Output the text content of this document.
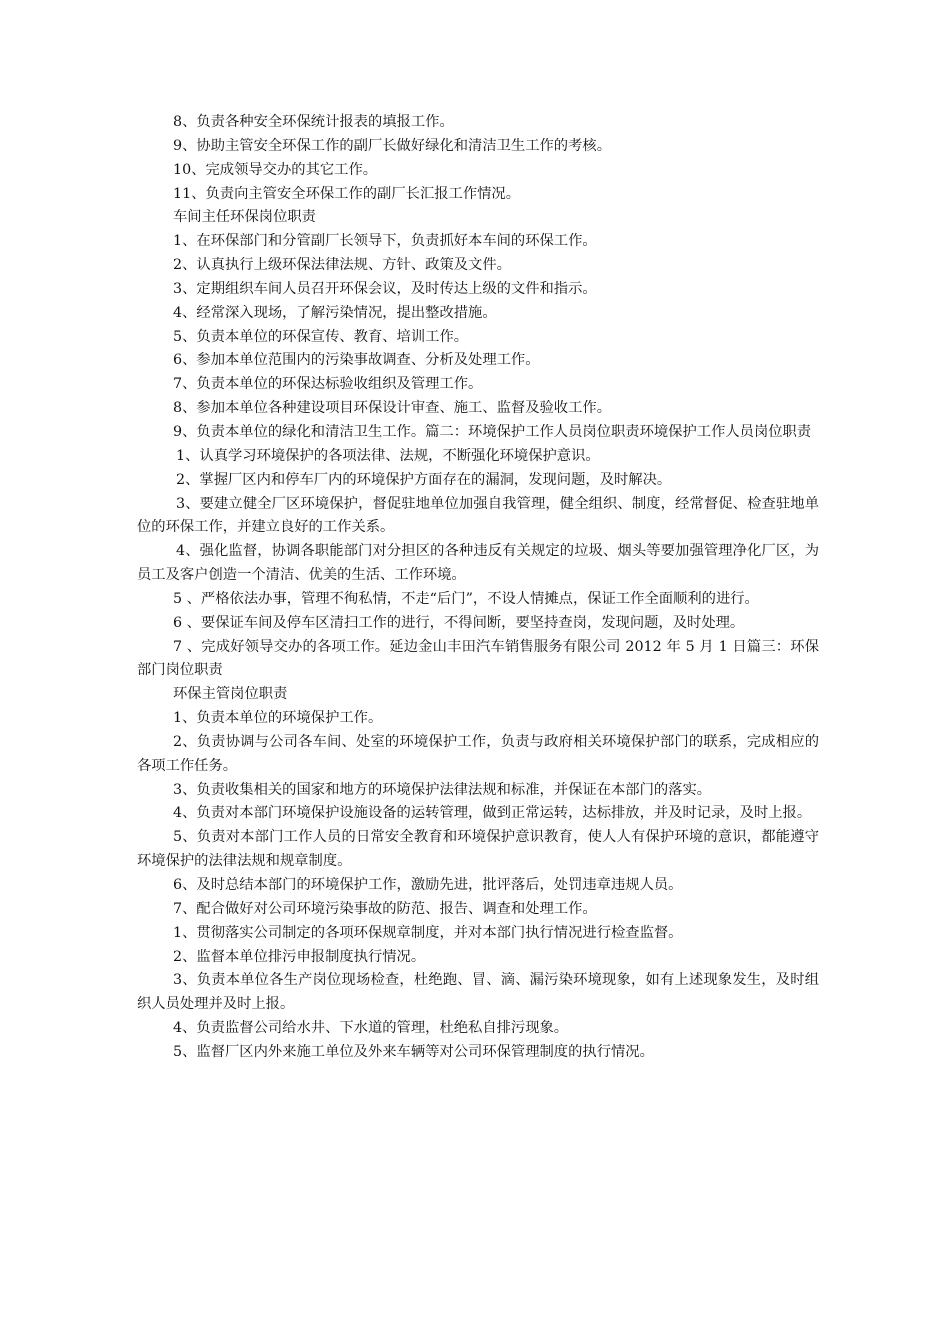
8、负责各种安全环保统计报表的填报工作。

9、协助主管安全环保工作的副厂长做好绿化和清洁卫生工作的考核。

10、完成领导交办的其它工作。

11、负责向主管安全环保工作的副厂长汇报工作情况。

车间主任环保岗位职责

1、在环保部门和分管副厂长领导下，负责抓好本车间的环保工作。

2、认真执行上级环保法律法规、方针、政策及文件。

3、定期组织车间人员召开环保会议，及时传达上级的文件和指示。

4、经常深入现场，了解污染情况，提出整改措施。

5、负责本单位的环保宣传、教育、培训工作。

6、参加本单位范围内的污染事故调查、分析及处理工作。

7、负责本单位的环保达标验收组织及管理工作。

8、参加本单位各种建设项目环保设计审查、施工、监督及验收工作。

9、负责本单位的绿化和清洁卫生工作。篇二：环境保护工作人员岗位职责环境保护工作人员岗位职责

1、认真学习环境保护的各项法律、法规，不断强化环境保护意识。

2、掌握厂区内和停车厂内的环境保护方面存在的漏洞，发现问题，及时解决。

3、要建立健全厂区环境保护，督促驻地单位加强自我管理，健全组织、制度，经常督促、检查驻地单位的环保工作，并建立良好的工作关系。

4、强化监督，协调各职能部门对分担区的各种违反有关规定的垃圾、烟头等要加强管理净化厂区，为员工及客户创造一个清洁、优美的生活、工作环境。

5 、严格依法办事，管理不徇私情，不走“后门”，不设人情摊点，保证工作全面顺利的进行。

6 、要保证车间及停车区清扫工作的进行，不得间断，要坚持查岗，发现问题，及时处理。

7 、完成好领导交办的各项工作。延边金山丰田汽车销售服务有限公司 2012 年 5 月 1 日篇三：环保部门岗位职责

环保主管岗位职责

1、负责本单位的环境保护工作。

2、负责协调与公司各车间、处室的环境保护工作，负责与政府相关环境保护部门的联系，完成相应的各项工作任务。

3、负责收集相关的国家和地方的环境保护法律法规和标准，并保证在本部门的落实。

4、负责对本部门环境保护设施设备的运转管理，做到正常运转，达标排放，并及时记录，及时上报。

5、负责对本部门工作人员的日常安全教育和环境保护意识教育，使人人有保护环境的意识，都能遵守环境保护的法律法规和规章制度。

6、及时总结本部门的环境保护工作，激励先进，批评落后，处罚违章违规人员。

7、配合做好对公司环境污染事故的防范、报告、调查和处理工作。

1、贯彻落实公司制定的各项环保规章制度，并对本部门执行情况进行检查监督。

2、监督本单位排污申报制度执行情况。

3、负责本单位各生产岗位现场检查，杜绝跑、冒、滴、漏污染环境现象，如有上述现象发生，及时组织人员处理并及时上报。

4、负责监督公司给水井、下水道的管理，杜绝私自排污现象。

5、监督厂区内外来施工单位及外来车辆等对公司环保管理制度的执行情况。
